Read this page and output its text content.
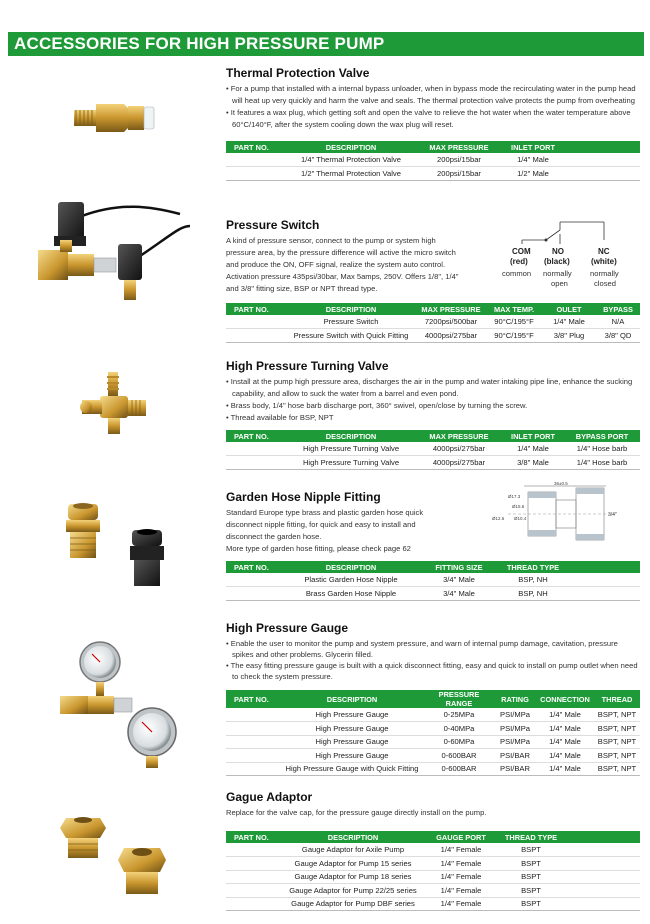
ACCESSORIES FOR HIGH PRESSURE PUMP
Thermal Protection Valve
• For a pump that installed with a internal bypass unloader, when in bypass mode the recirculating water in the pump head will heat up very quickly and harm the valve and seals. The thermal protection valve protects the pump from overheating
• It features a wax plug, which getting soft and open the valve to relieve the hot water when the water temperature above 60°C/140°F, after the system cooling down the wax plug will reset.
PART NO.	DESCRIPTION	MAX PRESSURE	INLET PORT	
	1/4" Thermal Protection Valve	200psi/15bar	1/4" Male	
	1/2" Thermal Protection Valve	200psi/15bar	1/2" Male	
Pressure Switch
A kind of pressure sensor, connect to the pump or system high pressure area, by the pressure difference will active the micro switch and produce the ON, OFF signal, realize the system auto control. Activation pressure 435psi/30bar, Max 5amps, 250V. Offers 1/8", 1/4" and 3/8" fitting size, BSP or NPT thread type.
COM
(red)
common
NO
(black)
normally
open
NC
(white)
normally
closed
PART NO.	DESCRIPTION	MAX PRESSURE	MAX TEMP.	OULET	BYPASS
	Pressure Switch	7200psi/500bar	90°C/195°F	1/4" Male	N/A
	Pressure Switch with Quick Fitting	4000psi/275bar	90°C/195°F	3/8" Plug	3/8" QD
High Pressure Turning Valve
• Install at the pump high pressure area, discharges the air in the pump and water intaking pipe line, enhance the sucking capability, and allow to suck the water from a barrel and even pond.
• Brass body, 1/4" hose barb discharge port, 360° swivel, open/close by turning the screw.
• Thread available for BSP, NPT
PART NO.	DESCRIPTION	MAX PRESSURE	INLET PORT	BYPASS PORT
	High Pressure Turning Valve	4000psi/275bar	1/4" Male	1/4" Hose barb
	High Pressure Turning Valve	4000psi/275bar	3/8" Male	1/4" Hose barb
Garden Hose Nipple Fitting
Standard Europe type brass and plastic garden hose quick
disconnect nipple fitting, for quick and easy to install and
disconnect the garden hose.
More type of garden hose fitting, please check page 62
36±0.5
Ø17.3
Ø15.6
Ø12.6 Ø10.4
3/4"
PART NO.	DESCRIPTION	FITTING SIZE	THREAD TYPE	
	Plastic Garden Hose Nipple	3/4" Male	BSP, NH	
	Brass Garden Hose Nipple	3/4" Male	BSP, NH	
High Pressure Gauge
• Enable the user to monitor the pump and system pressure, and warn of internal pump damage, cavitation, pressure spikes and other problems. Glycerin filled.
• The easy fitting pressure gauge is built with a quick disconnect fitting, easy and quick to install on pump outlet when need to check the system pressure.
PART NO.	DESCRIPTION	PRESSURE RANGE	RATING	CONNECTION	THREAD
	High Pressure Gauge	0-25MPa	PSI/MPa	1/4" Male	BSPT, NPT
	High Pressure Gauge	0-40MPa	PSI/MPa	1/4" Male	BSPT, NPT
	High Pressure Gauge	0-60MPa	PSI/MPa	1/4" Male	BSPT, NPT
	High Pressure Gauge	0-600BAR	PSI/BAR	1/4" Male	BSPT, NPT
	High Pressure Gauge with Quick Fitting	0-600BAR	PSI/BAR	1/4" Male	BSPT, NPT
Gague Adaptor
Replace for the valve cap, for the pressure gauge directly install on the pump.
PART NO.	DESCRIPTION	GAUGE PORT	THREAD TYPE	
	Gauge Adaptor for Axile Pump	1/4" Female	BSPT	
	Gauge Adaptor for Pump 15 series	1/4" Female	BSPT	
	Gauge Adaptor for Pump 18 series	1/4" Female	BSPT	
	Gauge Adaptor for Pump 22/25 series	1/4" Female	BSPT	
	Gauge Adaptor for Pump DBF series	1/4" Female	BSPT	
